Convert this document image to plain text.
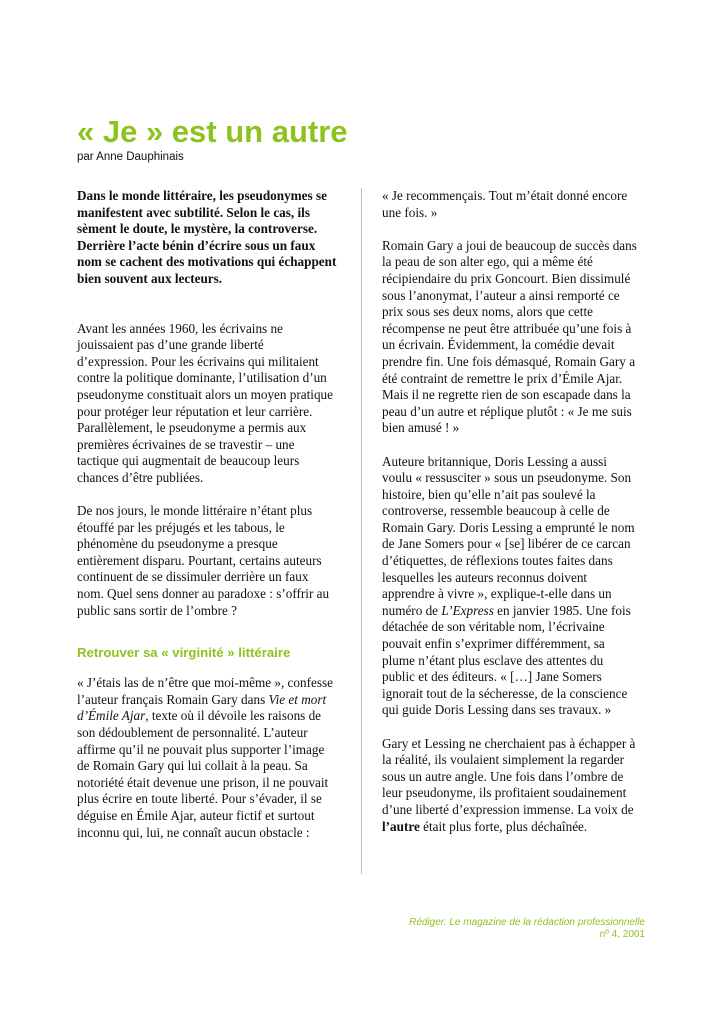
« Je » est un autre

par Anne Dauphinais

Dans le monde littéraire, les pseudonymes se manifestent avec subtilité. Selon le cas, ils sèment le doute, le mystère, la controverse. Derrière l’acte bénin d’écrire sous un faux nom se cachent des motivations qui échappent bien souvent aux lecteurs.

Avant les années 1960, les écrivains ne jouissaient pas d’une grande liberté d’expression. Pour les écrivains qui militaient contre la politique dominante, l’utilisation d’un pseudonyme constituait alors un moyen pratique pour protéger leur réputation et leur carrière. Parallèlement, le pseudonyme a permis aux premières écrivaines de se travestir – une tactique qui augmentait de beaucoup leurs chances d’être publiées.

De nos jours, le monde littéraire n’étant plus étouffé par les préjugés et les tabous, le phénomène du pseudonyme a presque entièrement disparu. Pourtant, certains auteurs continuent de se dissimuler derrière un faux nom. Quel sens donner au paradoxe : s’offrir au public sans sortir de l’ombre ?

Retrouver sa « virginité » littéraire

« J’étais las de n’être que moi-même », confesse l’auteur français Romain Gary dans Vie et mort d’Émile Ajar, texte où il dévoile les raisons de son dédoublement de personnalité. L’auteur affirme qu’il ne pouvait plus supporter l’image de Romain Gary qui lui collait à la peau. Sa notoriété était devenue une prison, il ne pouvait plus écrire en toute liberté. Pour s’évader, il se déguise en Émile Ajar, auteur fictif et surtout inconnu qui, lui, ne connaît aucun obstacle :

« Je recommençais. Tout m’était donné encore une fois. »

Romain Gary a joui de beaucoup de succès dans la peau de son alter ego, qui a même été récipiendaire du prix Goncourt. Bien dissimulé sous l’anonymat, l’auteur a ainsi remporté ce prix sous ses deux noms, alors que cette récompense ne peut être attribuée qu’une fois à un écrivain. Évidemment, la comédie devait prendre fin. Une fois démasqué, Romain Gary a été contraint de remettre le prix d’Émile Ajar. Mais il ne regrette rien de son escapade dans la peau d’un autre et réplique plutôt : « Je me suis bien amusé ! »

Auteure britannique, Doris Lessing a aussi voulu « ressusciter » sous un pseudonyme. Son histoire, bien qu’elle n’ait pas soulevé la controverse, ressemble beaucoup à celle de Romain Gary. Doris Lessing a emprunté le nom de Jane Somers pour « [se] libérer de ce carcan d’étiquettes, de réflexions toutes faites dans lesquelles les auteurs reconnus doivent apprendre à vivre », explique-t-elle dans un numéro de L’Express en janvier 1985. Une fois détachée de son véritable nom, l’écrivaine pouvait enfin s’exprimer différemment, sa plume n’étant plus esclave des attentes du public et des éditeurs. « […] Jane Somers ignorait tout de la sécheresse, de la conscience qui guide Doris Lessing dans ses travaux. »

Gary et Lessing ne cherchaient pas à échapper à la réalité, ils voulaient simplement la regarder sous un autre angle. Une fois dans l’ombre de leur pseudonyme, ils profitaient soudainement d’une liberté d’expression immense. La voix de l’autre était plus forte, plus déchaînée.

Rédiger. Le magazine de la rédaction professionnelle
nº 4, 2001
